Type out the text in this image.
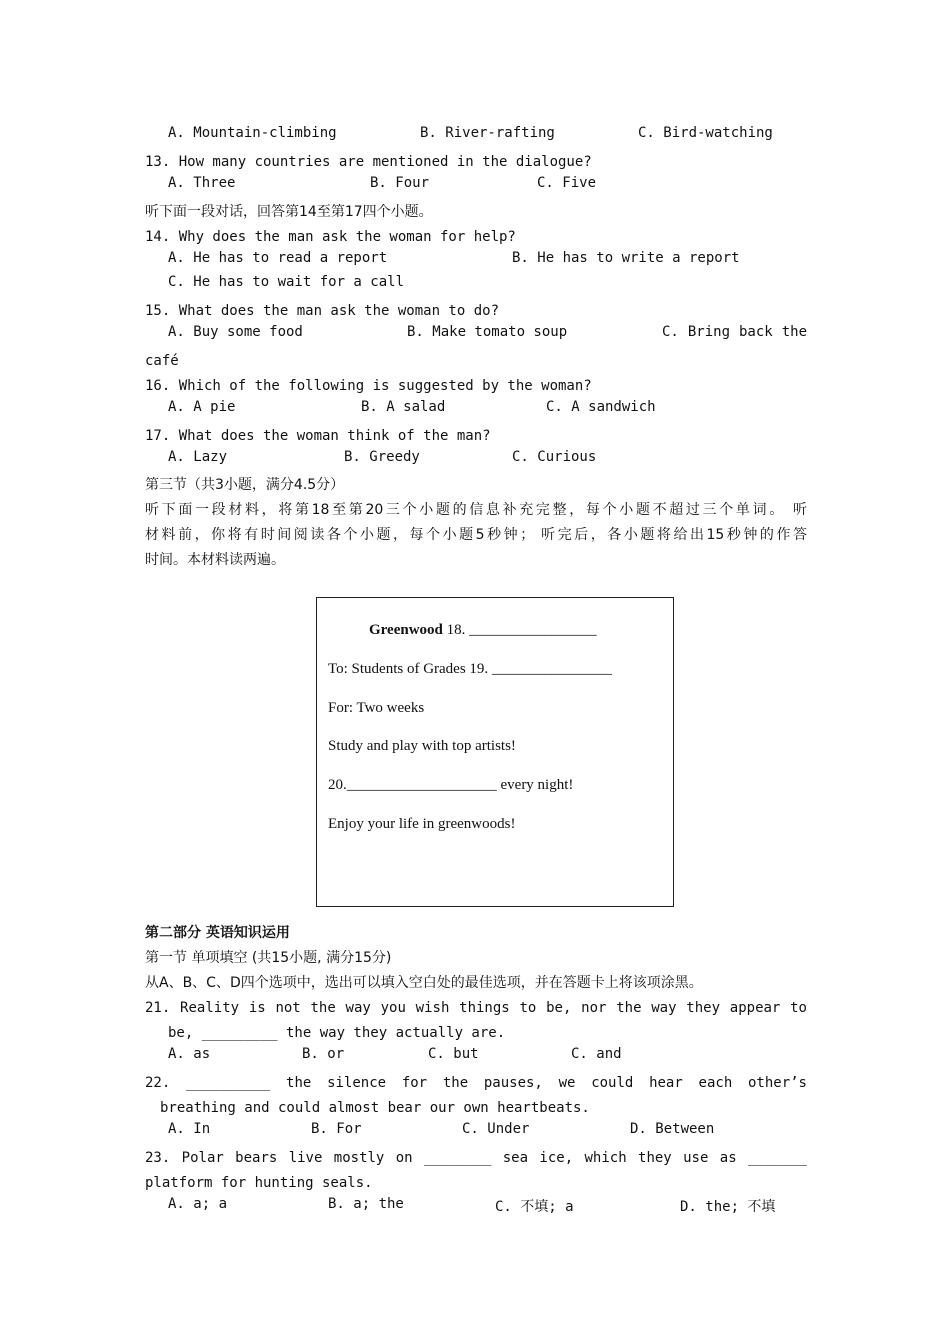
A. Mountain-climbing	B. River-rafting	C. Bird-watching
13. How many countries are mentioned in the dialogue?
A. Three	B. Four	C. Five
听下面一段对话，回答第14至第17四个小题。
14. Why does the man ask the woman for help?
A. He has to read a report	B. He has to write a report
C. He has to wait for a call
15. What does the man ask the woman to do?
A. Buy some food	B. Make tomato soup	C. Bring back the
café
16. Which of the following is suggested by the woman?
A. A pie	B. A salad	C. A sandwich
17. What does the woman think of the man?
A. Lazy	B. Greedy	C. Curious
第三节（共3小题，满分4.5分）
听下面一段材料，将第18至第20三个小题的信息补充完整，每个小题不超过三个单词。 听
材料前，你将有时间阅读各个小题，每个小题5秒钟； 听完后，各小题将给出15秒钟的作答
时间。本材料读两遍。
Greenwood 18. _________________
To: Students of Grades 19. ________________
For: Two weeks
Study and play with top artists!
20.____________________ every night!
Enjoy your life in greenwoods!
第二部分 英语知识运用
第一节 单项填空 (共15小题, 满分15分)
从A、B、C、D四个选项中，选出可以填入空白处的最佳选项，并在答题卡上将该项涂黑。
21. Reality is not the way you wish things to be, nor the way they appear to
be, _________ the way they actually are.
A. as	B. or	C. but	C. and
22. __________ the silence for the pauses, we could hear each other’s
breathing and could almost bear our own heartbeats.
A. In	B. For	C. Under	D. Between
23. Polar bears live mostly on ________ sea ice, which they use as _______
platform for hunting seals.
A. a; a	B. a; the	C. 不填; a	D. the; 不填
